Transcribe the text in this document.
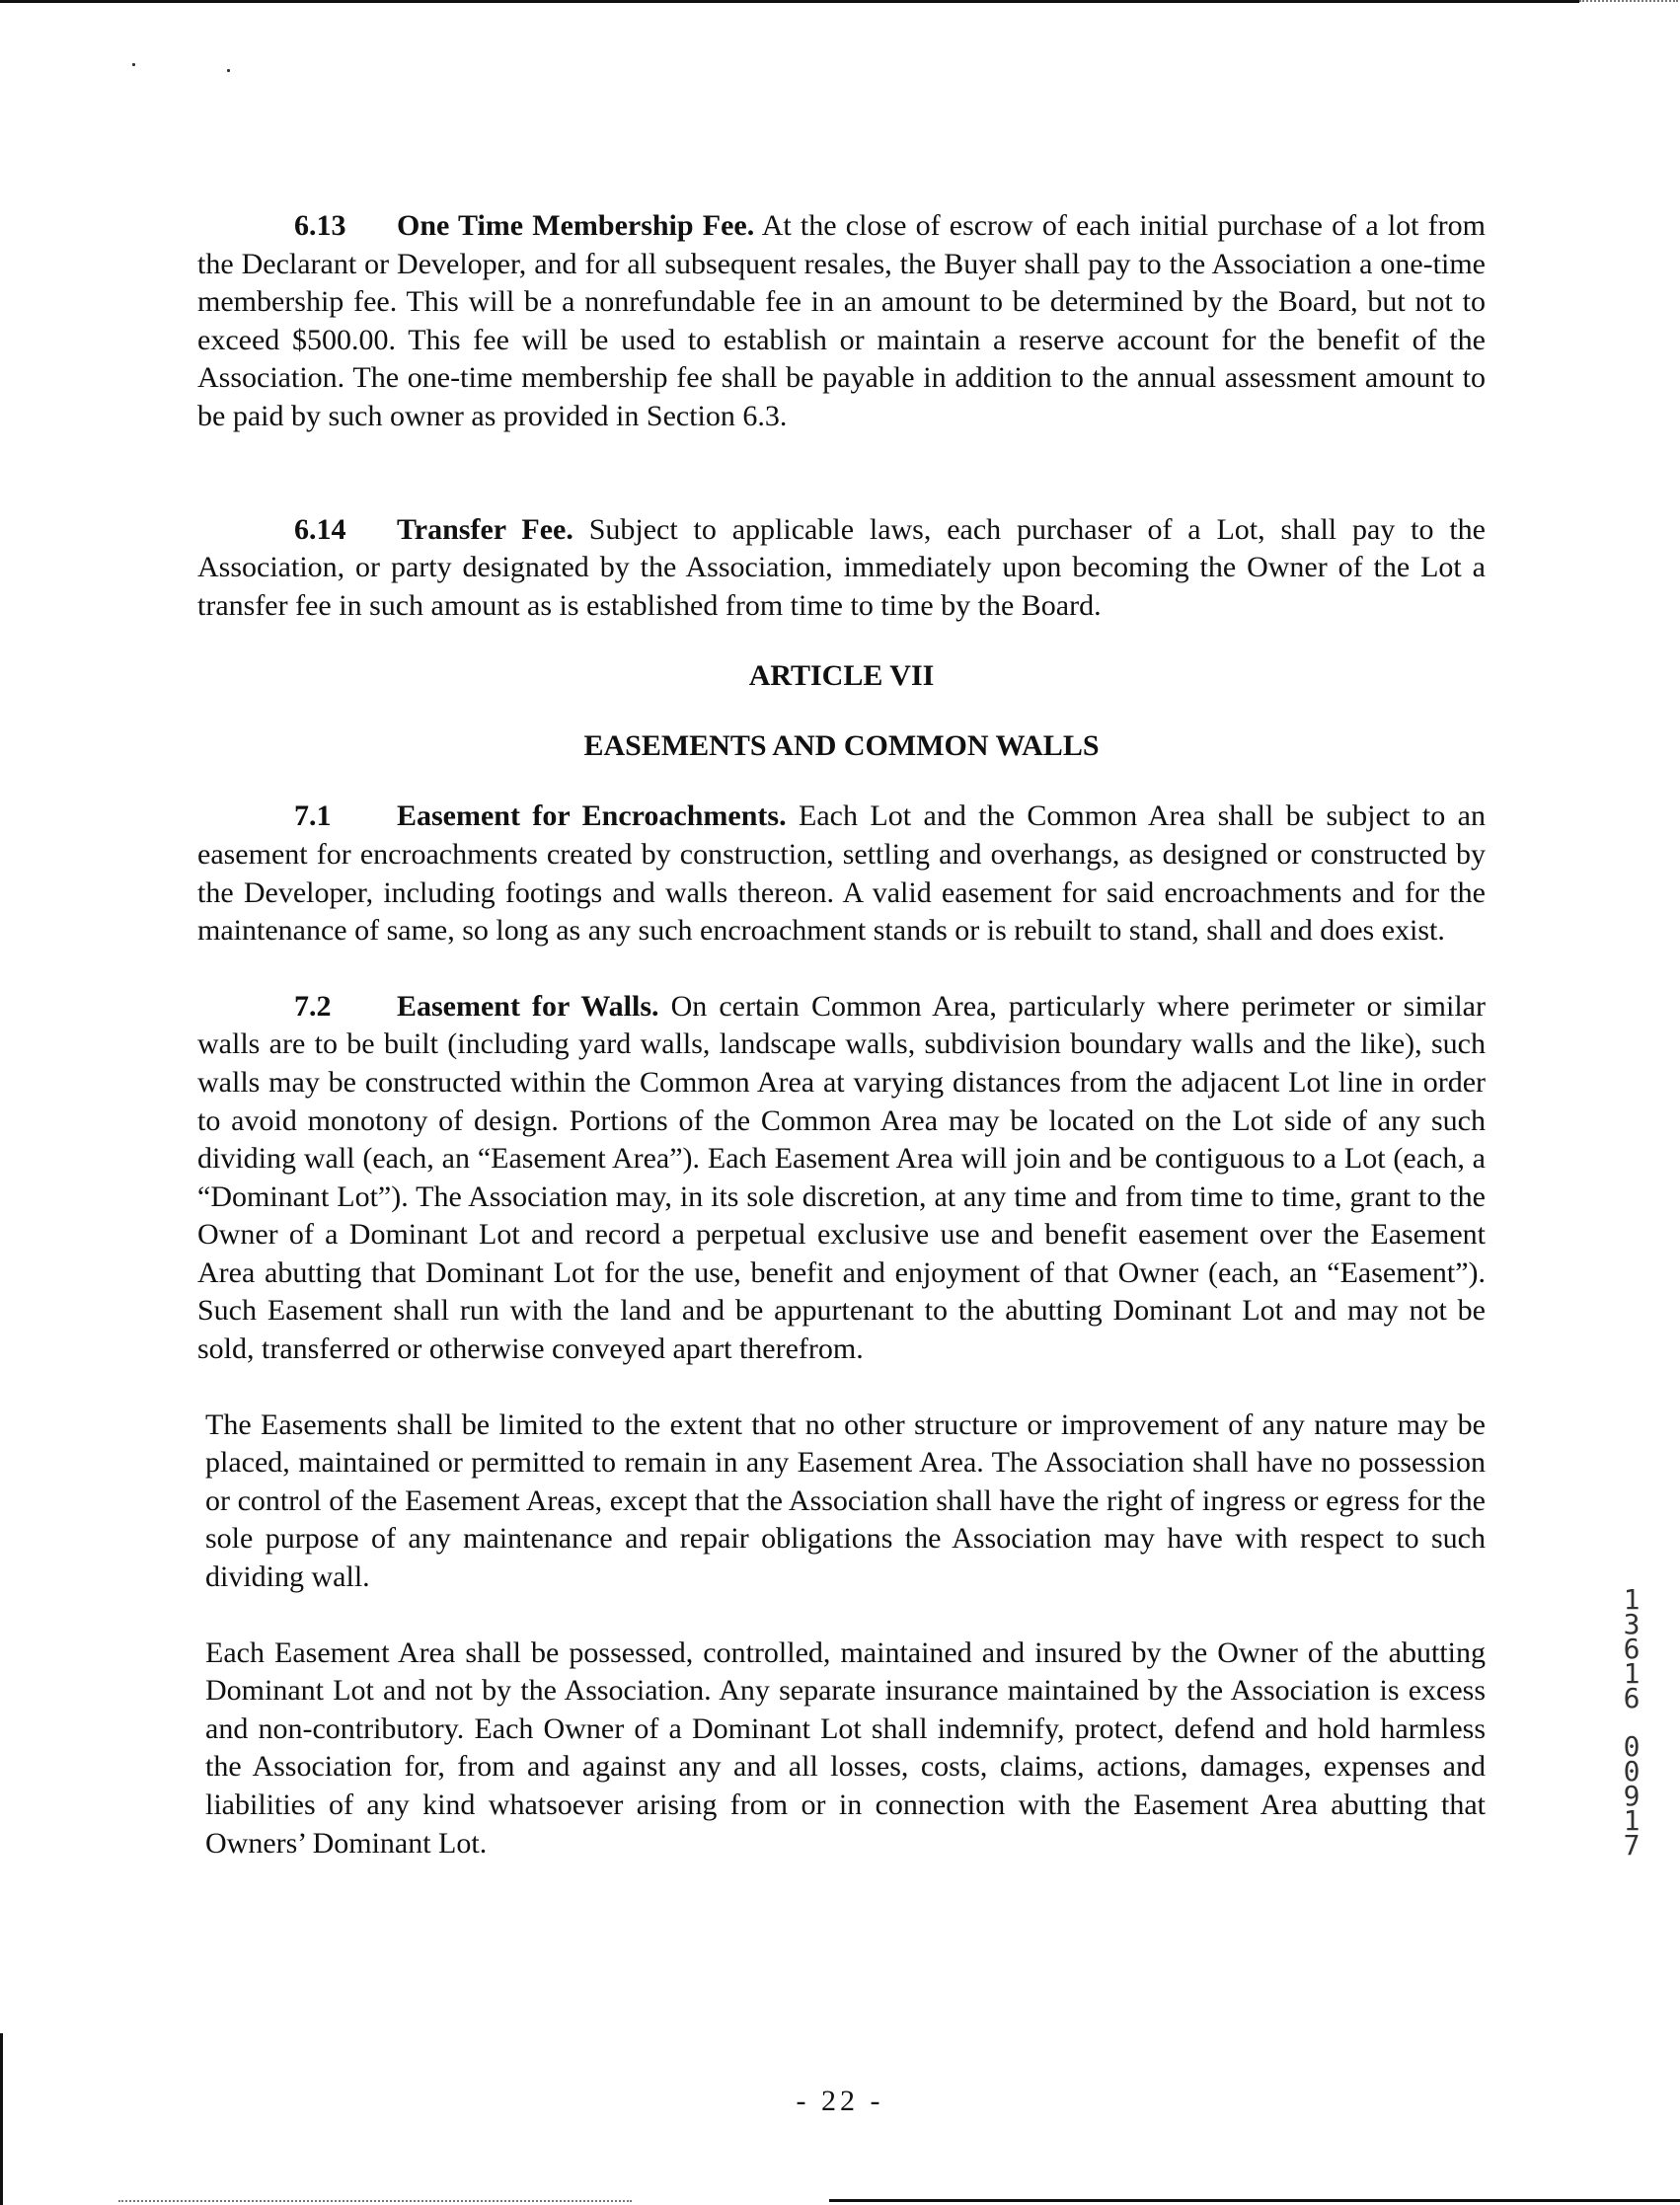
6.13 One Time Membership Fee. At the close of escrow of each initial purchase of a lot from the Declarant or Developer, and for all subsequent resales, the Buyer shall pay to the Association a one-time membership fee. This will be a nonrefundable fee in an amount to be determined by the Board, but not to exceed $500.00. This fee will be used to establish or maintain a reserve account for the benefit of the Association. The one-time membership fee shall be payable in addition to the annual assessment amount to be paid by such owner as provided in Section 6.3.

6.14 Transfer Fee. Subject to applicable laws, each purchaser of a Lot, shall pay to the Association, or party designated by the Association, immediately upon becoming the Owner of the Lot a transfer fee in such amount as is established from time to time by the Board.

ARTICLE VII

EASEMENTS AND COMMON WALLS

7.1 Easement for Encroachments. Each Lot and the Common Area shall be subject to an easement for encroachments created by construction, settling and overhangs, as designed or constructed by the Developer, including footings and walls thereon. A valid easement for said encroachments and for the maintenance of same, so long as any such encroachment stands or is rebuilt to stand, shall and does exist.

7.2 Easement for Walls. On certain Common Area, particularly where perimeter or similar walls are to be built (including yard walls, landscape walls, subdivision boundary walls and the like), such walls may be constructed within the Common Area at varying distances from the adjacent Lot line in order to avoid monotony of design. Portions of the Common Area may be located on the Lot side of any such dividing wall (each, an “Easement Area”). Each Easement Area will join and be contiguous to a Lot (each, a “Dominant Lot”). The Association may, in its sole discretion, at any time and from time to time, grant to the Owner of a Dominant Lot and record a perpetual exclusive use and benefit easement over the Easement Area abutting that Dominant Lot for the use, benefit and enjoyment of that Owner (each, an “Easement”). Such Easement shall run with the land and be appurtenant to the abutting Dominant Lot and may not be sold, transferred or otherwise conveyed apart therefrom.

The Easements shall be limited to the extent that no other structure or improvement of any nature may be placed, maintained or permitted to remain in any Easement Area. The Association shall have no possession or control of the Easement Areas, except that the Association shall have the right of ingress or egress for the sole purpose of any maintenance and repair obligations the Association may have with respect to such dividing wall.

Each Easement Area shall be possessed, controlled, maintained and insured by the Owner of the abutting Dominant Lot and not by the Association. Any separate insurance maintained by the Association is excess and non-contributory. Each Owner of a Dominant Lot shall indemnify, protect, defend and hold harmless the Association for, from and against any and all losses, costs, claims, actions, damages, expenses and liabilities of any kind whatsoever arising from or in connection with the Easement Area abutting that Owners’ Dominant Lot.

1
3
6
1
6
0
0
9
1
7
- 22 -
